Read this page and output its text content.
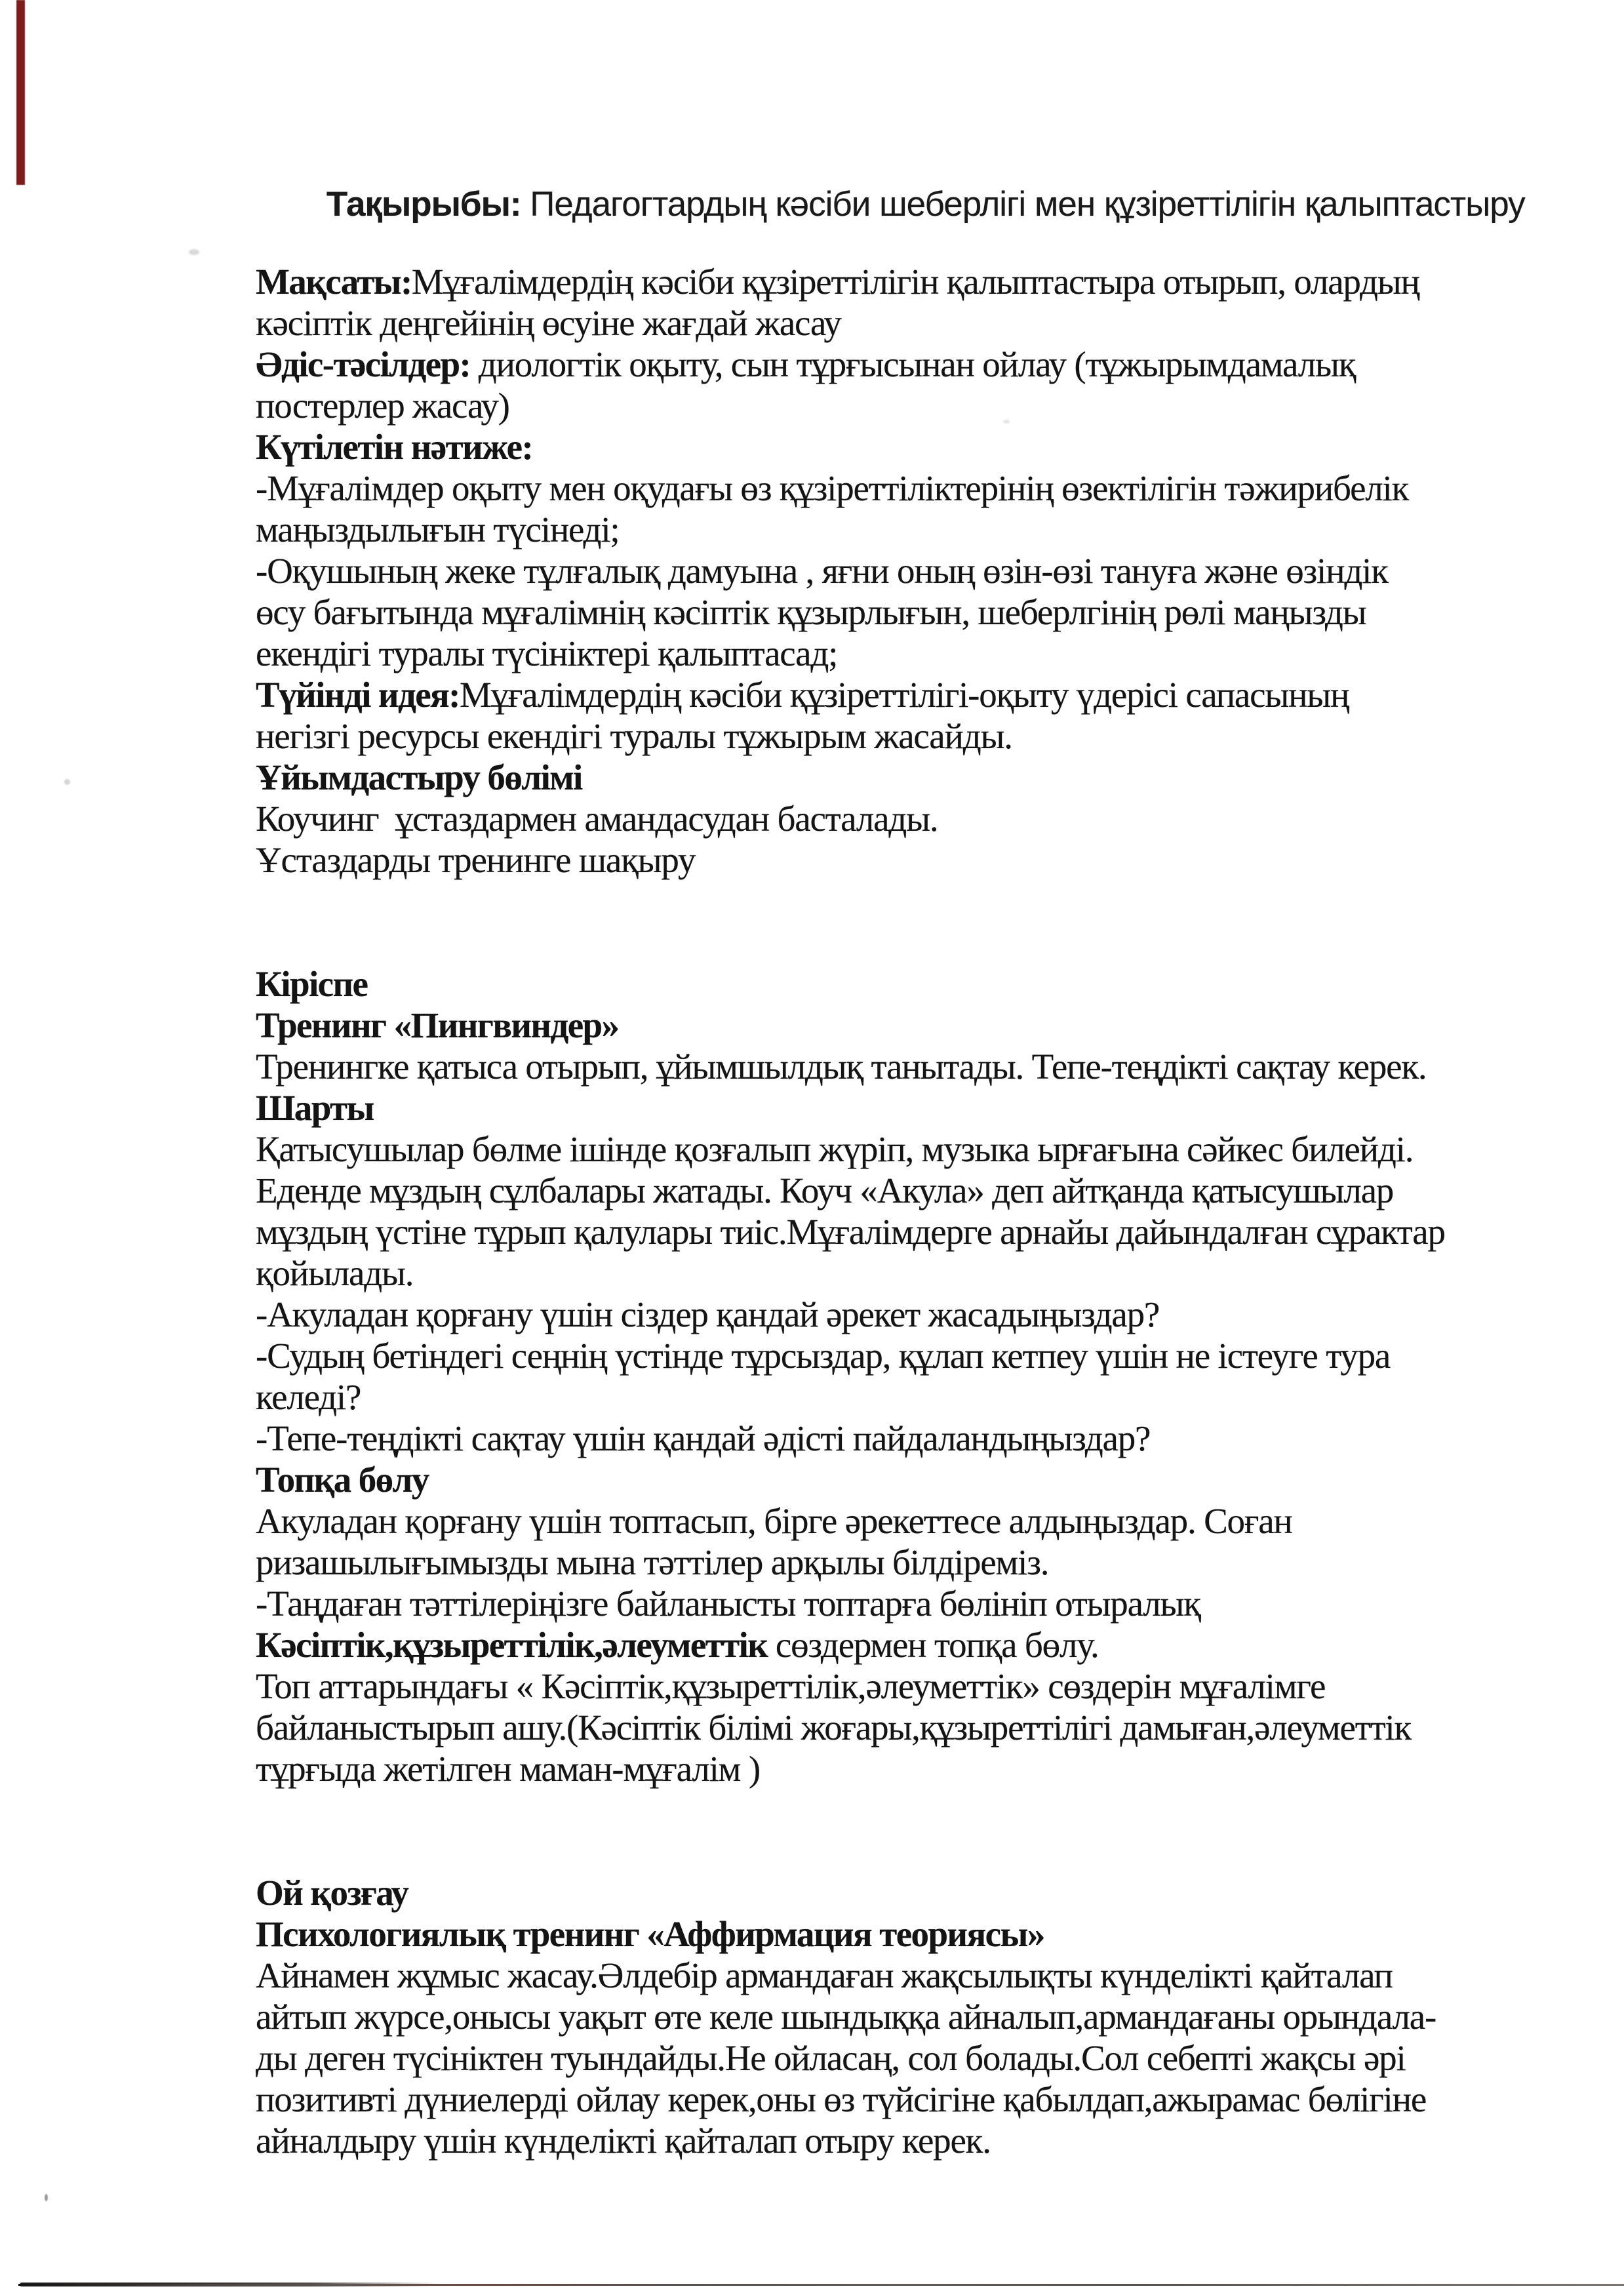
Тақырыбы: Педагогтардың кәсіби шеберлігі мен құзіреттілігін қалыптастыру

Мақсаты:Мұғалімдердің кәсіби құзіреттілігін қалыптастыра отырып, олардың
кәсіптік деңгейінің өсуіне жағдай жасау
Әдіс-тәсілдер: диологтік оқыту, сын тұрғысынан ойлау (тұжырымдамалық
постерлер жасау)
Күтілетін нәтиже:
-Мұғалімдер оқыту мен оқудағы өз құзіреттіліктерінің өзектілігін тәжирибелік
маңыздылығын түсінеді;
-Оқушының жеке тұлғалық дамуына , яғни оның өзін-өзі тануға және өзіндік
өсу бағытында мұғалімнің кәсіптік құзырлығын, шеберлгінің рөлі маңызды
екендігі туралы түсініктері қалыптасад;
Түйінді идея:Мұғалімдердің кәсіби құзіреттілігі-оқыту үдерісі сапасының
негізгі ресурсы екендігі туралы тұжырым жасайды.
Ұйымдастыру бөлімі
Коучинг  ұстаздармен амандасудан басталады.
Ұстаздарды тренинге шақыру
Кіріспе
Тренинг «Пингвиндер»
Тренингке қатыса отырып, ұйымшылдық танытады. Тепе-теңдікті сақтау керек.
Шарты
Қатысушылар бөлме ішінде қозғалып жүріп, музыка ырғағына сәйкес билейді.
Еденде мұздың сұлбалары жатады. Коуч «Акула» деп айтқанда қатысушылар
мұздың үстіне тұрып қалулары тиіс.Мұғалімдерге арнайы дайындалған сұрактар
қойылады.
-Акуладан қорғану үшін сіздер қандай әрекет жасадыңыздар?
-Судың бетіндегі сеңнің үстінде тұрсыздар, құлап кетпеу үшін не істеуге тура
келеді?
-Тепе-теңдікті сақтау үшін қандай әдісті пайдаландыңыздар?
Топқа бөлу
Акуладан қорғану үшін топтасып, бірге әрекеттесе алдыңыздар. Соған
ризашылығымызды мына тәттілер арқылы білдіреміз.
-Таңдаған тәттілеріңізге байланысты топтарға бөлініп отыралық
Кәсіптік,құзыреттілік,әлеуметтік сөздермен топқа бөлу.
Топ аттарындағы « Кәсіптік,құзыреттілік,әлеуметтік» сөздерін мұғалімге
байланыстырып ашу.(Кәсіптік білімі жоғары,құзыреттілігі дамыған,әлеуметтік
тұрғыда жетілген маман-мұғалім )
Ой қозғау
Психологиялық тренинг «Аффирмация теориясы»
Айнамен жұмыс жасау.Әлдебір армандаған жақсылықты күнделікті қайталап
айтып жүрсе,онысы уақыт өте келе шындыққа айналып,армандағаны орындала-
ды деген түсініктен туындайды.Не ойласаң, сол болады.Сол себепті жақсы әрі
позитивті дүниелерді ойлау керек,оны өз түйсігіне қабылдап,ажырамас бөлігіне
айналдыру үшін күнделікті қайталап отыру керек.
